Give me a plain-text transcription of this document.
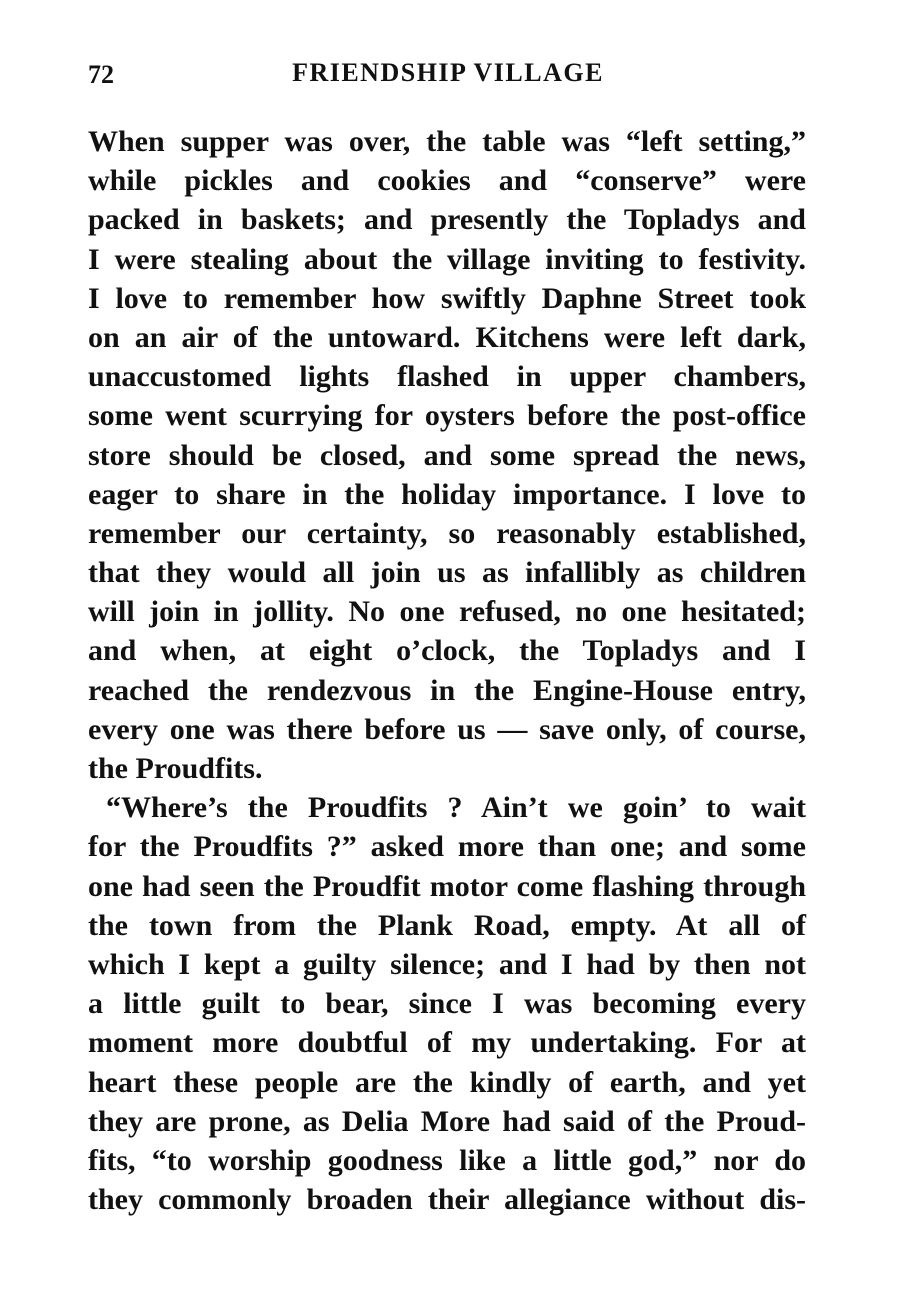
72	FRIENDSHIP VILLAGE
When supper was over, the table was “left setting,”
while pickles and cookies and “conserve” were
packed in baskets; and presently the Topladys and
I were stealing about the village inviting to festivity.
I love to remember how swiftly Daphne Street took
on an air of the untoward. Kitchens were left dark,
unaccustomed lights flashed in upper chambers,
some went scurrying for oysters before the post-office
store should be closed, and some spread the news,
eager to share in the holiday importance. I love to
remember our certainty, so reasonably established,
that they would all join us as infallibly as children
will join in jollity. No one refused, no one hesitated;
and when, at eight o’clock, the Topladys and I
reached the rendezvous in the Engine-House entry,
every one was there before us — save only, of course,
the Proudfits.
“Where’s the Proudfits ? Ain’t we goin’ to wait
for the Proudfits ?” asked more than one; and some
one had seen the Proudfit motor come flashing through
the town from the Plank Road, empty. At all of
which I kept a guilty silence; and I had by then not
a little guilt to bear, since I was becoming every
moment more doubtful of my undertaking. For at
heart these people are the kindly of earth, and yet
they are prone, as Delia More had said of the Proud-
fits, “to worship goodness like a little god,” nor do
they commonly broaden their allegiance without dis-
